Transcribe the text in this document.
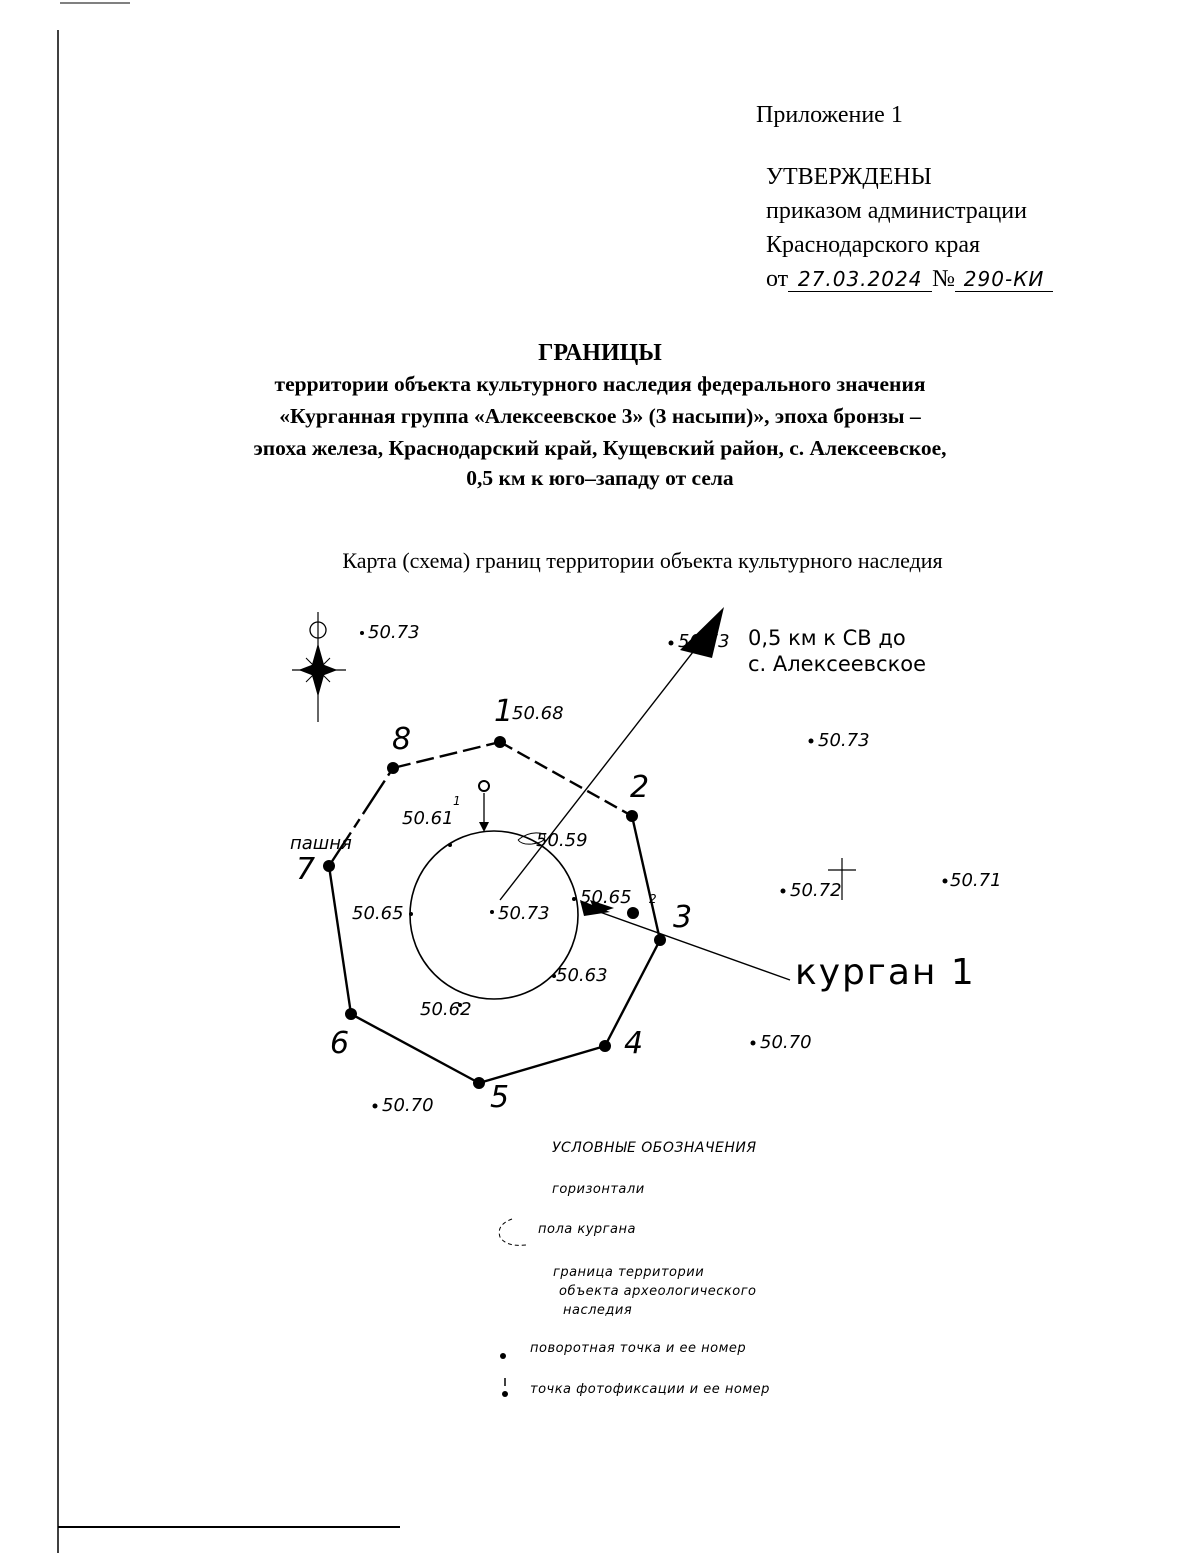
Приложение 1
УТВЕРЖДЕНЫ
приказом администрации
Краснодарского края
от 27.03.2024 № 290-КИ
ГРАНИЦЫ
территории объекта культурного наследия федерального значения
«Курганная группа «Алексеевское 3» (3 насыпи)», эпоха бронзы –
эпоха железа, Краснодарский край, Кущевский район, с. Алексеевское,
0,5 км к юго–западу от села
Карта (схема) границ территории объекта культурного наследия
0,5 км к СВ до
с. Алексеевское
курган 1
пашня
50.73	50.73
50.73
50.68
50.61
1
50.59
50.73
50.65 2
50.65
50.63
50.62
50.72	50.71
50.70
50.70
1
2
3
4
5
6
7
8
УСЛОВНЫЕ ОБОЗНАЧЕНИЯ
горизонтали
пола кургана
граница территории
объекта археологического
наследия
поворотная точка и ее номер
точка фотофиксации и ее номер
